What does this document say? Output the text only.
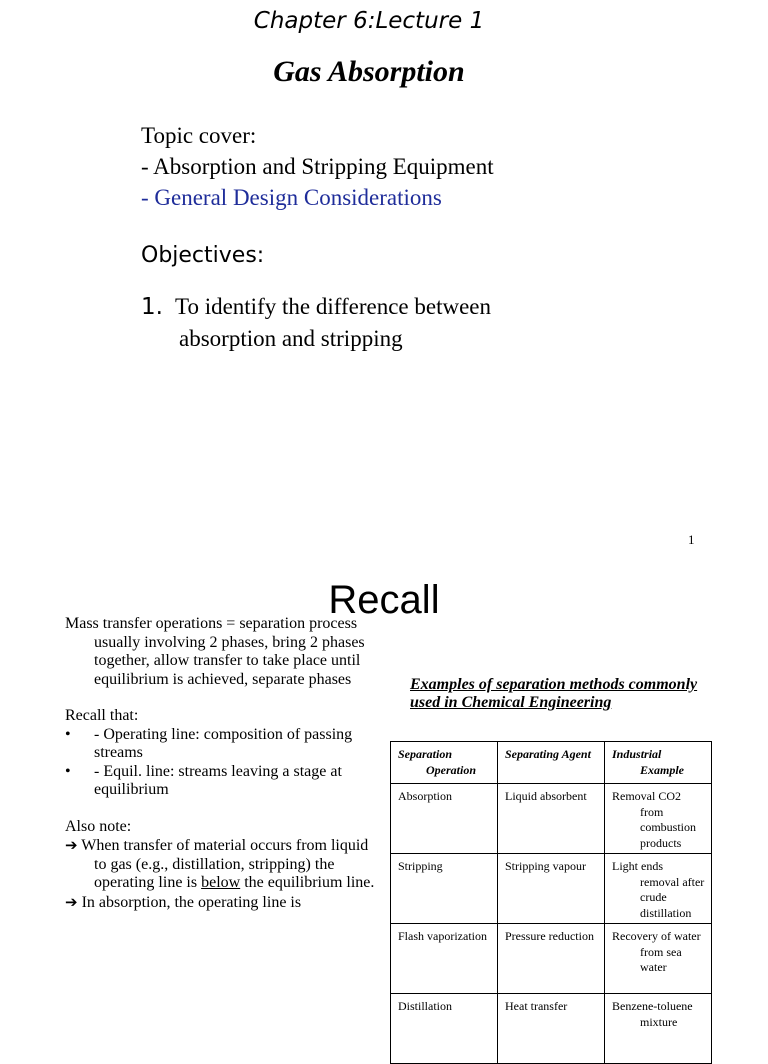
Chapter 6:Lecture 1
Gas Absorption
Topic cover:
- Absorption and Stripping Equipment
- General Design Considerations
Objectives:
1. To identify the difference between
absorption and stripping
1
Recall

Mass transfer operations = separation process usually involving 2 phases, bring 2 phases together, allow transfer to take place until equilibrium is achieved, separate phases

Recall that:

•	- Operating line: composition of passing streams
•	- Equil. line: streams leaving a stage at equilibrium

Also note:

➔ When transfer of material occurs from liquid to gas (e.g., distillation, stripping) the operating line is below the equilibrium line.

➔ In absorption, the operating line is

Examples of separation methods commonly used in Chemical Engineering
Separation Operation	Separating Agent	Industrial Example

Absorption	Liquid absorbent	Removal CO2 from combustion products

Stripping	Stripping vapour	Light ends removal after crude distillation

Flash vaporization	Pressure reduction	Recovery of water from sea water

Distillation	Heat transfer	Benzene-toluene mixture
